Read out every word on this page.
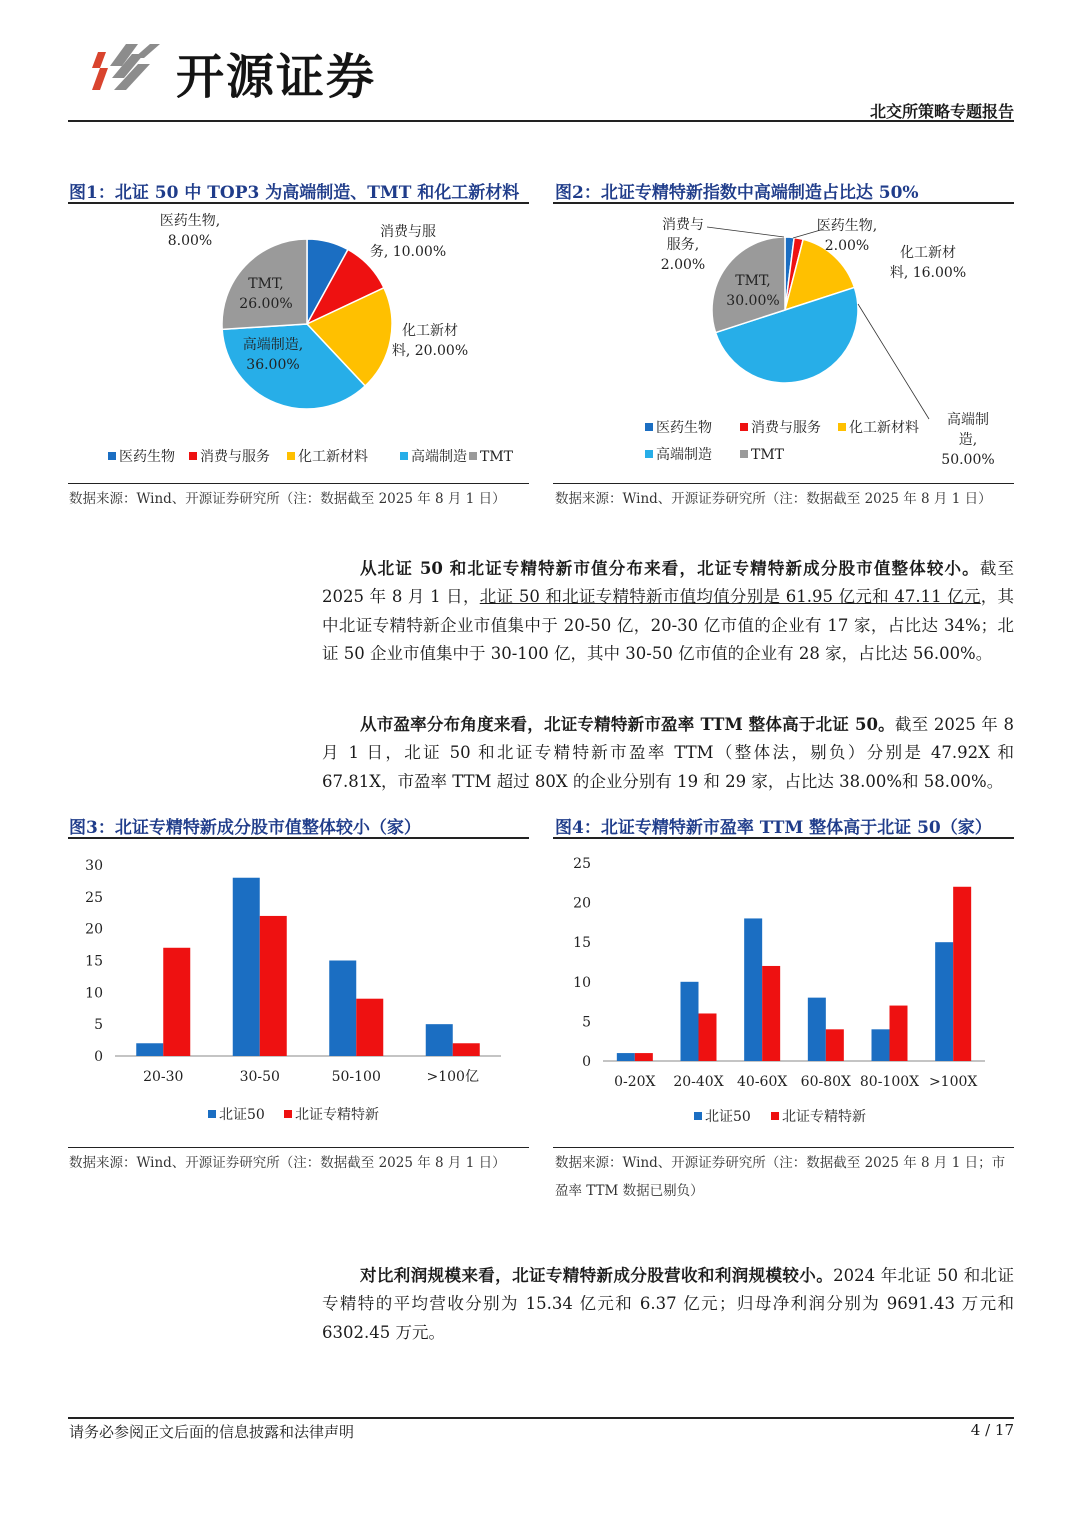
开源证券
北交所策略专题报告
图1：北证 50 中 TOP3 为高端制造、TMT 和化工新材料
医药生物,
8.00%
消费与服
务, 10.00%
化工新材
料, 20.00%
高端制造,
36.00%
TMT,
26.00%
医药生物 消费与服务 化工新材料	高端制造 TMT
数据来源：Wind、开源证券研究所（注：数据截至 2025 年 8 月 1 日）
图2：北证专精特新指数中高端制造占比达 50%
医药生物,
2.00%
消费与
服务,
2.00%
化工新材
料, 16.00%
高端制
造,
50.00%
TMT,
30.00%
医药生物	消费与服务 化工新材料
高端制造	TMT
数据来源：Wind、开源证券研究所（注：数据截至 2025 年 8 月 1 日）
从北证 50 和北证专精特新市值分布来看，北证专精特新成分股市值整体较小。截至 2025 年 8 月 1 日，北证 50 和北证专精特新市值均值分别是 61.95 亿元和 47.11 亿元，其中北证专精特新企业市值集中于 20-50 亿，20-30 亿市值的企业有 17 家，占比达 34%；北证 50 企业市值集中于 30-100 亿，其中 30-50 亿市值的企业有 28 家，占比达 56.00%。
从市盈率分布角度来看，北证专精特新市盈率 TTM 整体高于北证 50。截至 2025 年 8 月 1 日，北证 50 和北证专精特新市盈率 TTM（整体法，剔负）分别是 47.92X 和 67.81X，市盈率 TTM 超过 80X 的企业分别有 19 和 29 家，占比达 38.00%和 58.00%。
图3：北证专精特新成分股市值整体较小（家）
0
5
10
15
20
25
30
20-30	30-50	50-100	>100亿
北证50 北证专精特新
数据来源：Wind、开源证券研究所（注：数据截至 2025 年 8 月 1 日）
图4：北证专精特新市盈率 TTM 整体高于北证 50（家）
0
5
10
15
20
25
0-20X 20-40X 40-60X 60-80X 80-100X >100X
北证50 北证专精特新
数据来源：Wind、开源证券研究所（注：数据截至 2025 年 8 月 1 日；市盈率 TTM 数据已剔负）
对比利润规模来看，北证专精特新成分股营收和利润规模较小。2024 年北证 50 和北证专精特的平均营收分别为 15.34 亿元和 6.37 亿元；归母净利润分别为 9691.43 万元和 6302.45 万元。
请务必参阅正文后面的信息披露和法律声明	4 / 17
